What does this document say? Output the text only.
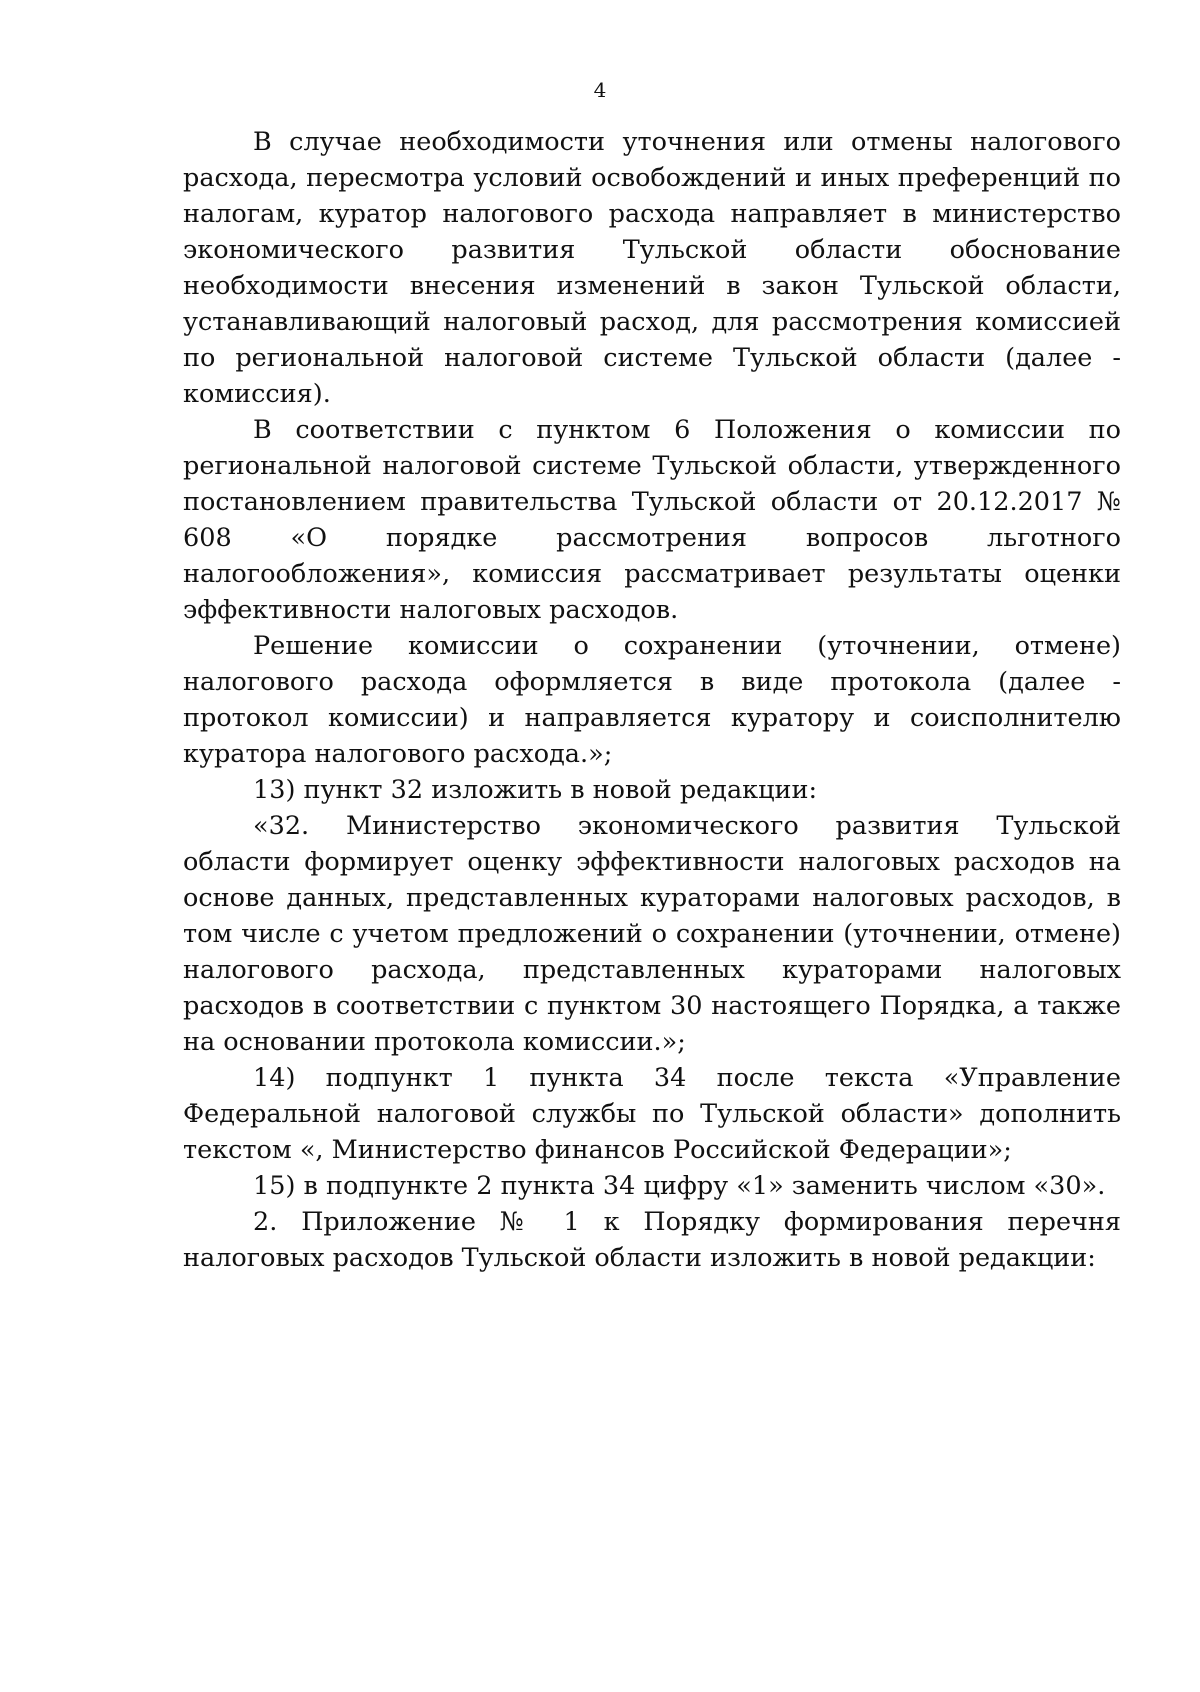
4

В случае необходимости уточнения или отмены налогового расхода, пересмотра условий освобождений и иных преференций по налогам, куратор налогового расхода направляет в министерство экономического развития Тульской области обоснование необходимости внесения изменений в закон Тульской области, устанавливающий налоговый расход, для рассмотрения комиссией по региональной налоговой системе Тульской области (далее - комиссия).

В соответствии с пунктом 6 Положения о комиссии по региональной налоговой системе Тульской области, утвержденного постановлением правительства Тульской области от 20.12.2017 № 608 «О порядке рассмотрения вопросов льготного налогообложения», комиссия рассматривает результаты оценки эффективности налоговых расходов.

Решение комиссии о сохранении (уточнении, отмене) налогового расхода оформляется в виде протокола (далее - протокол комиссии) и направляется куратору и соисполнителю куратора налогового расхода.»;

13) пункт 32 изложить в новой редакции:

«32. Министерство экономического развития Тульской области формирует оценку эффективности налоговых расходов на основе данных, представленных кураторами налоговых расходов, в том числе с учетом предложений о сохранении (уточнении, отмене) налогового расхода, представленных кураторами налоговых расходов в соответствии с пунктом 30 настоящего Порядка, а также на основании протокола комиссии.»;

14) подпункт 1 пункта 34 после текста «Управление Федеральной налоговой службы по Тульской области» дополнить текстом «, Министерство финансов Российской Федерации»;

15) в подпункте 2 пункта 34 цифру «1» заменить числом «30».

2. Приложение № 1 к Порядку формирования перечня налоговых расходов Тульской области изложить в новой редакции:
